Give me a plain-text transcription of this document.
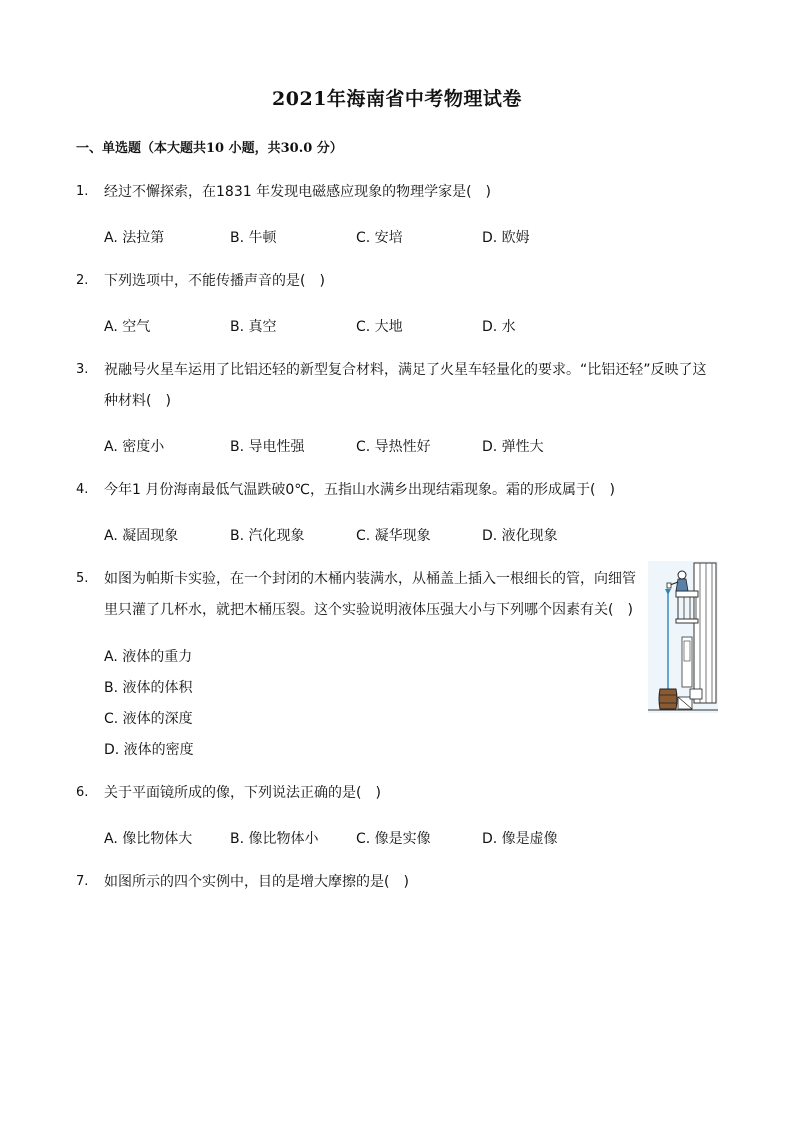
2021年海南省中考物理试卷
一、单选题（本大题共10 小题，共30.0 分）
1.	经过不懈探索，在1831 年发现电磁感应现象的物理学家是(　)
A. 法拉第	B. 牛顿	C. 安培	D. 欧姆
2.	下列选项中，不能传播声音的是(　)
A. 空气	B. 真空	C. 大地	D. 水
3.	祝融号火星车运用了比铝还轻的新型复合材料，满足了火星车轻量化的要求。“比铝还轻”反映了这
种材料(　)
A. 密度小	B. 导电性强	C. 导热性好	D. 弹性大
4.	今年1 月份海南最低气温跌破0℃，五指山水满乡出现结霜现象。霜的形成属于(　)
A. 凝固现象	B. 汽化现象	C. 凝华现象	D. 液化现象
5.	如图为帕斯卡实验，在一个封闭的木桶内装满水，从桶盖上插入一根细长的管，向细管
里只灌了几杯水，就把木桶压裂。这个实验说明液体压强大小与下列哪个因素有关(　)
A. 液体的重力
B. 液体的体积
C. 液体的深度
D. 液体的密度
6.	关于平面镜所成的像，下列说法正确的是(　)
A. 像比物体大	B. 像比物体小	C. 像是实像	D. 像是虚像
7.	如图所示的四个实例中，目的是增大摩擦的是(　)
